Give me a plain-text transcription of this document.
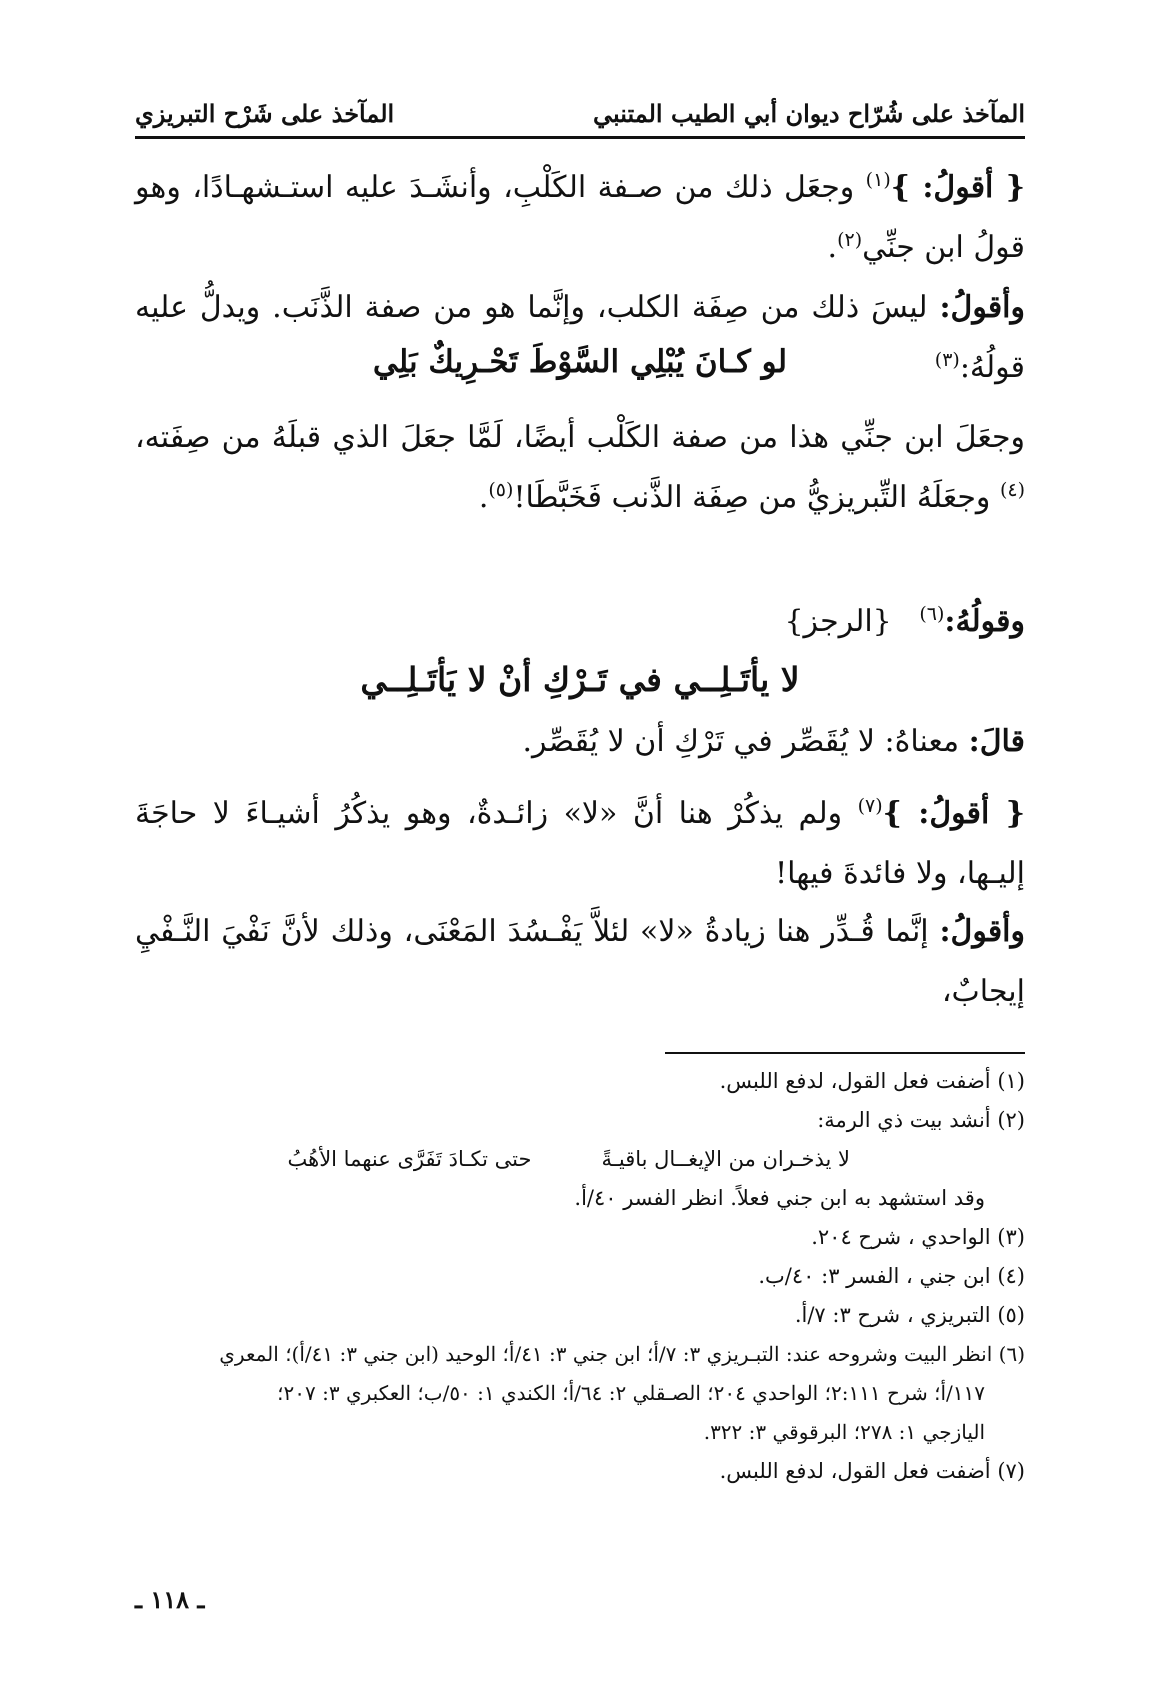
المآخذ على شُرّاح ديوان أبي الطيب المتنبي
المآخذ على شَرْح التبريزي
{ أقولُ: }$^{(١)}$ وجعَل ذلك من صـفة الكَلْبِ، وأنشَـدَ عليه استـشهـادًا، وهو قولُ ابن جنِّي$^{(٢)}$.
وأقولُ: ليسَ ذلك من صِفَة الكلب، وإنَّما هو من صفة الذَّنَب. ويدلُّ عليه قولُهُ:$^{(٣)}$
لو كـانَ يُبْلِي السَّوْطَ تَحْـرِيكٌ بَلِي
وجعَلَ ابن جنِّي هذا من صفة الكَلْب أيضًا، لَمَّا جعَلَ الذي قبلَهُ من صِفَته،$^{(٤)}$ وجعَلَهُ التِّبريزيُّ من صِفَة الذَّنب فَخَبَّطَا!$^{(٥)}$.
وقولُهُ:$^{(٦)}$ {الرجز}
لا يأتَـلِــي في تَـرْكِ أنْ لا يَأتَـلِــي
قالَ: معناهُ: لا يُقَصِّر في تَرْكِ أن لا يُقَصِّر.
{ أقولُ: }$^{(٧)}$ ولم يذكُرْ هنا أنَّ «لا» زائـدةٌ، وهو يذكُرُ أشيـاءَ لا حاجَةَ إليـها، ولا فائدةَ فيها!
وأقولُ: إنَّما قُـدِّر هنا زيادةُ «لا» لئلاَّ يَفْـسُدَ المَعْنَى، وذلك لأنَّ نَفْيَ النَّـفْيِ إيجابٌ،

(١) أضفت فعل القول، لدفع اللبس.

(٢) أنشد بيت ذي الرمة:

لا يذخـران من الإيغــال باقيـةً
حتى تكـادَ تَفَرَّى عنهما الأهُبُ

وقد استشهد به ابن جني فعلاً. انظر الفسر ٤٠/أ.

(٣) الواحدي ، شرح ٢٠٤.

(٤) ابن جني ، الفسر ٣: ٤٠/ب.

(٥) التبريزي ، شرح ٣: ٧/أ.

(٦) انظر البيت وشروحه عند: التبـريزي ٣: ٧/أ؛ ابن جني ٣: ٤١/أ؛ الوحيد (ابن جني ٣: ٤١/أ)؛ المعري

١١٧/أ؛ شرح ٢:١١١؛ الواحدي ٢٠٤؛ الصـقلي ٢: ٦٤/أ؛ الكندي ١: ٥٠/ب؛ العكبري ٣: ٢٠٧؛

اليازجي ١: ٢٧٨؛ البرقوقي ٣: ٣٢٢.

(٧) أضفت فعل القول، لدفع اللبس.

ـ ١١٨ ـ
